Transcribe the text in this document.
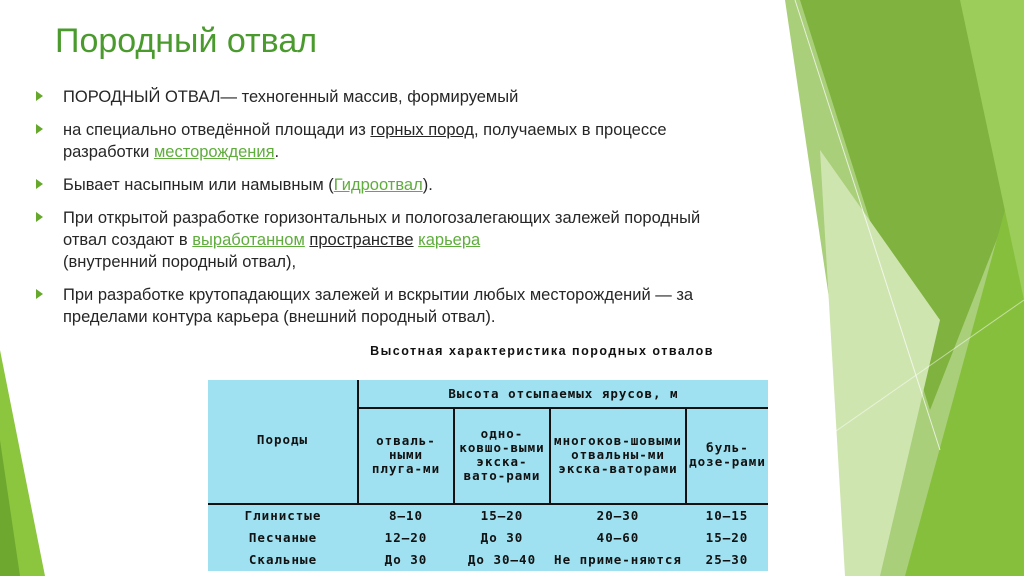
Породный отвал
ПОРОДНЫЙ ОТВАЛ— техногенный массив, формируемый
на специально отведённой площади из горных пород, получаемых в процессе разработки месторождения.
Бывает насыпным или намывным (Гидроотвал).
При открытой разработке горизонтальных и пологозалегающих залежей породный отвал создают в выработанном пространстве карьера
(внутренний породный отвал),
При разработке крутопадающих залежей и вскрытии любых месторождений — за пределами контура карьера (внешний породный отвал).
Высотная характеристика породных отвалов
Породы	Высота отсыпаемых ярусов, м			
	отваль-ными плуга-ми	одно-ковшо-выми экска-вато-рами	многоков-шовыми отвальны-ми экска-ваторами	буль-дозе-рами

Глинистые	8—10	15—20	20—30	10—15
Песчаные	12—20	До 30	40—60	15—20
Скальные	До 30	До 30—40	Не приме-няются	25—30
